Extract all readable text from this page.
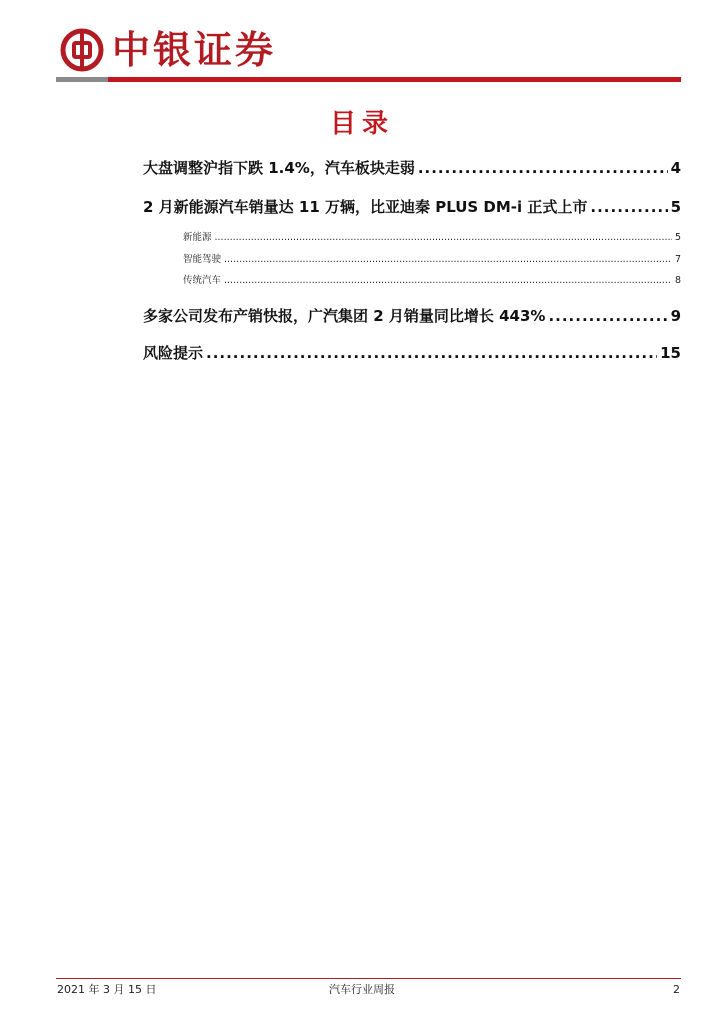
中银证券
目录
大盘调整沪指下跌 1.4%，汽车板块走弱 .....	4
2 月新能源汽车销量达 11 万辆，比亚迪秦 PLUS DM-i 正式上市 .....	5
新能源 .....	5
智能驾驶 .....	7
传统汽车 .....	8
多家公司发布产销快报，广汽集团 2 月销量同比增长 443% .....	9
风险提示 .....	15
2021 年 3 月 15 日	汽车行业周报	2
